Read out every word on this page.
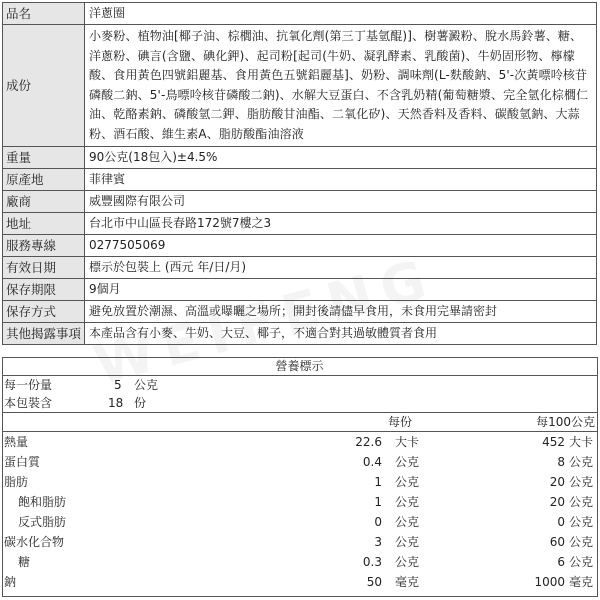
品名	洋蔥圈
成份	小麥粉、植物油[椰子油、棕櫚油、抗氧化劑(第三丁基氫醌)]、樹薯澱粉、脫水馬鈴薯、糖、洋蔥粉、碘言(含鹽、碘化鉀)、起司粉[起司(牛奶、凝乳酵素、乳酸菌)、牛奶固形物、檸檬酸、食用黃色四號鋁麗基、食用黃色五號鋁麗基]、奶粉、調味劑(L-麩酸鈉、5'-次黃嘌呤核苷磷酸二鈉、5'-鳥嘌呤核苷磷酸二鈉)、水解大豆蛋白、不含乳奶精(葡萄糖漿、完全氫化棕櫚仁油、乾酪素鈉、磷酸氫二鉀、脂肪酸甘油酯、二氧化矽)、天然香料及香料、碳酸氫鈉、大蒜粉、酒石酸、維生素A、脂肪酸酯油溶液
重量	90公克(18包入)±4.5%
原產地	菲律賓
廠商	威豐國際有限公司
地址	台北市中山區長春路172號7樓之3
服務專線	0277505069
有效日期	標示於包裝上 (西元 年/日/月)
保存期限	9個月
保存方式	避免放置於潮濕、高溫或曝曬之場所；開封後請儘早食用，未食用完畢請密封
其他揭露事項	本產品含有小麥、牛奶、大豆、椰子，不適合對其過敏體質者食用
營養標示
每一份量	5 公克
本包裝含	18 份
每份	每100公克
熱量	22.6 大卡	452 大卡
蛋白質	0.4 公克	8 公克
脂肪	1 公克	20 公克
飽和脂肪	1 公克	20 公克
反式脂肪	0 公克	0 公克
碳水化合物	3 公克	60 公克
糖	0.3 公克	6 公克
鈉	50 毫克	1000 毫克
